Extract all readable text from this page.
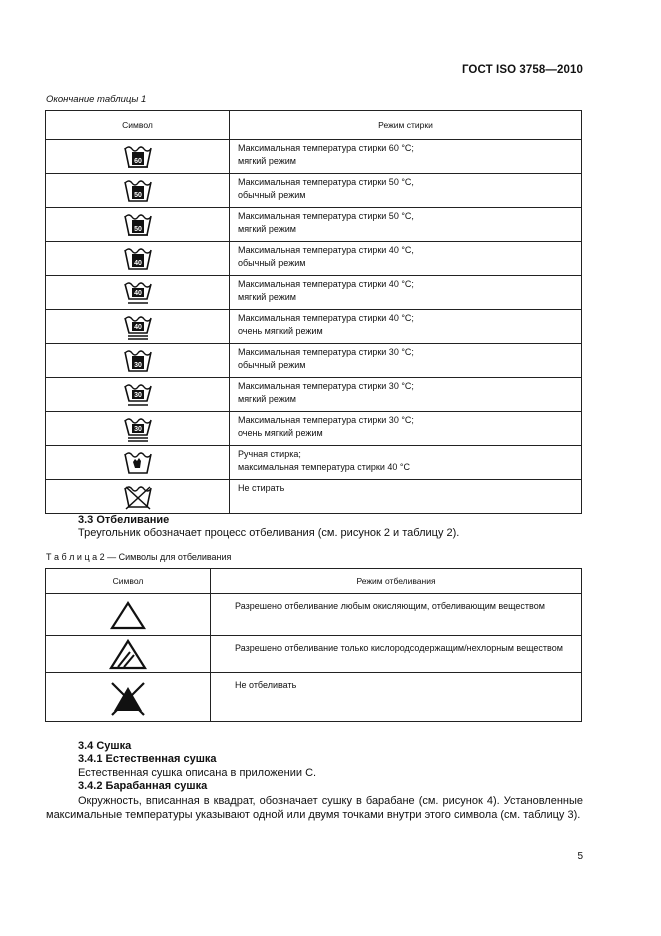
ГОСТ ISO 3758—2010
Окончание таблицы 1
Символ	Режим стирки

60	Максимальная температура стирки 60 °С;
мягкий режим

50	Максимальная температура стирки 50 °С,
обычный режим

50	Максимальная температура стирки 50 °С,
мягкий режим

40	Максимальная температура стирки 40 °С,
обычный режим

40	Максимальная температура стирки 40 °С;
мягкий режим

40	Максимальная температура стирки 40 °С;
очень мягкий режим

30	Максимальная температура стирки 30 °С;
обычный режим

30	Максимальная температура стирки 30 °С;
мягкий режим

30	Максимальная температура стирки 30 °С;
очень мягкий режим

Ручная стирка;
максимальная температура стирки 40 °С

Не стирать
3.3 Отбеливание
Треугольник обозначает процесс отбеливания (см. рисунок 2 и таблицу 2).
Т а б л и ц а 2 — Символы для отбеливания
Символ	Режим отбеливания

Разрешено отбеливание любым окисляющим, отбеливающим веществом

Разрешено отбеливание только кислородсодержащим/нехлорным веществом

Не отбеливать
3.4 Сушка
3.4.1 Естественная сушка
Естественная сушка описана в приложении С.
3.4.2 Барабанная сушка
Окружность, вписанная в квадрат, обозначает сушку в барабане (см. рисунок 4). Установленные максимальные температуры указывают одной или двумя точками внутри этого символа (см. таблицу 3).
5
